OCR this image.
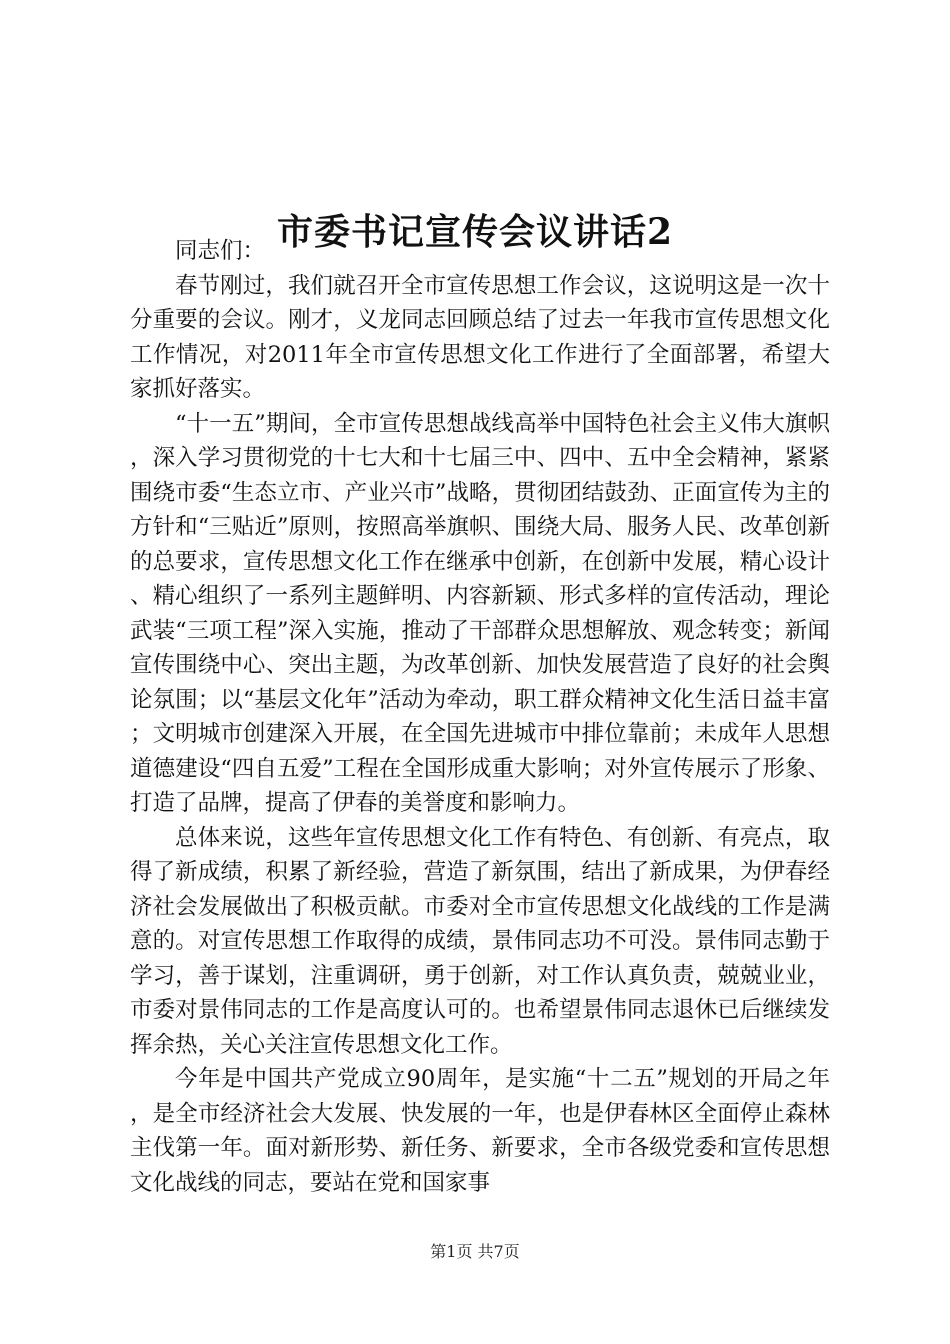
市委书记宣传会议讲话2

同志们：

春节刚过，我们就召开全市宣传思想工作会议，这说明这是一次十分重要的会议。刚才，义龙同志回顾总结了过去一年我市宣传思想文化工作情况，对2011年全市宣传思想文化工作进行了全面部署，希望大家抓好落实。

“十一五”期间，全市宣传思想战线高举中国特色社会主义伟大旗帜，深入学习贯彻党的十七大和十七届三中、四中、五中全会精神，紧紧围绕市委“生态立市、产业兴市”战略，贯彻团结鼓劲、正面宣传为主的方针和“三贴近”原则，按照高举旗帜、围绕大局、服务人民、改革创新的总要求，宣传思想文化工作在继承中创新，在创新中发展，精心设计、精心组织了一系列主题鲜明、内容新颖、形式多样的宣传活动，理论武装“三项工程”深入实施，推动了干部群众思想解放、观念转变；新闻宣传围绕中心、突出主题，为改革创新、加快发展营造了良好的社会舆论氛围；以“基层文化年”活动为牵动，职工群众精神文化生活日益丰富；文明城市创建深入开展，在全国先进城市中排位靠前；未成年人思想道德建设“四自五爱”工程在全国形成重大影响；对外宣传展示了形象、打造了品牌，提高了伊春的美誉度和影响力。

总体来说，这些年宣传思想文化工作有特色、有创新、有亮点，取得了新成绩，积累了新经验，营造了新氛围，结出了新成果，为伊春经济社会发展做出了积极贡献。市委对全市宣传思想文化战线的工作是满意的。对宣传思想工作取得的成绩，景伟同志功不可没。景伟同志勤于学习，善于谋划，注重调研，勇于创新，对工作认真负责，兢兢业业，市委对景伟同志的工作是高度认可的。也希望景伟同志退休已后继续发挥余热，关心关注宣传思想文化工作。

今年是中国共产党成立90周年，是实施“十二五”规划的开局之年，是全市经济社会大发展、快发展的一年，也是伊春林区全面停止森林主伐第一年。面对新形势、新任务、新要求，全市各级党委和宣传思想文化战线的同志，要站在党和国家事

第1页 共7页
